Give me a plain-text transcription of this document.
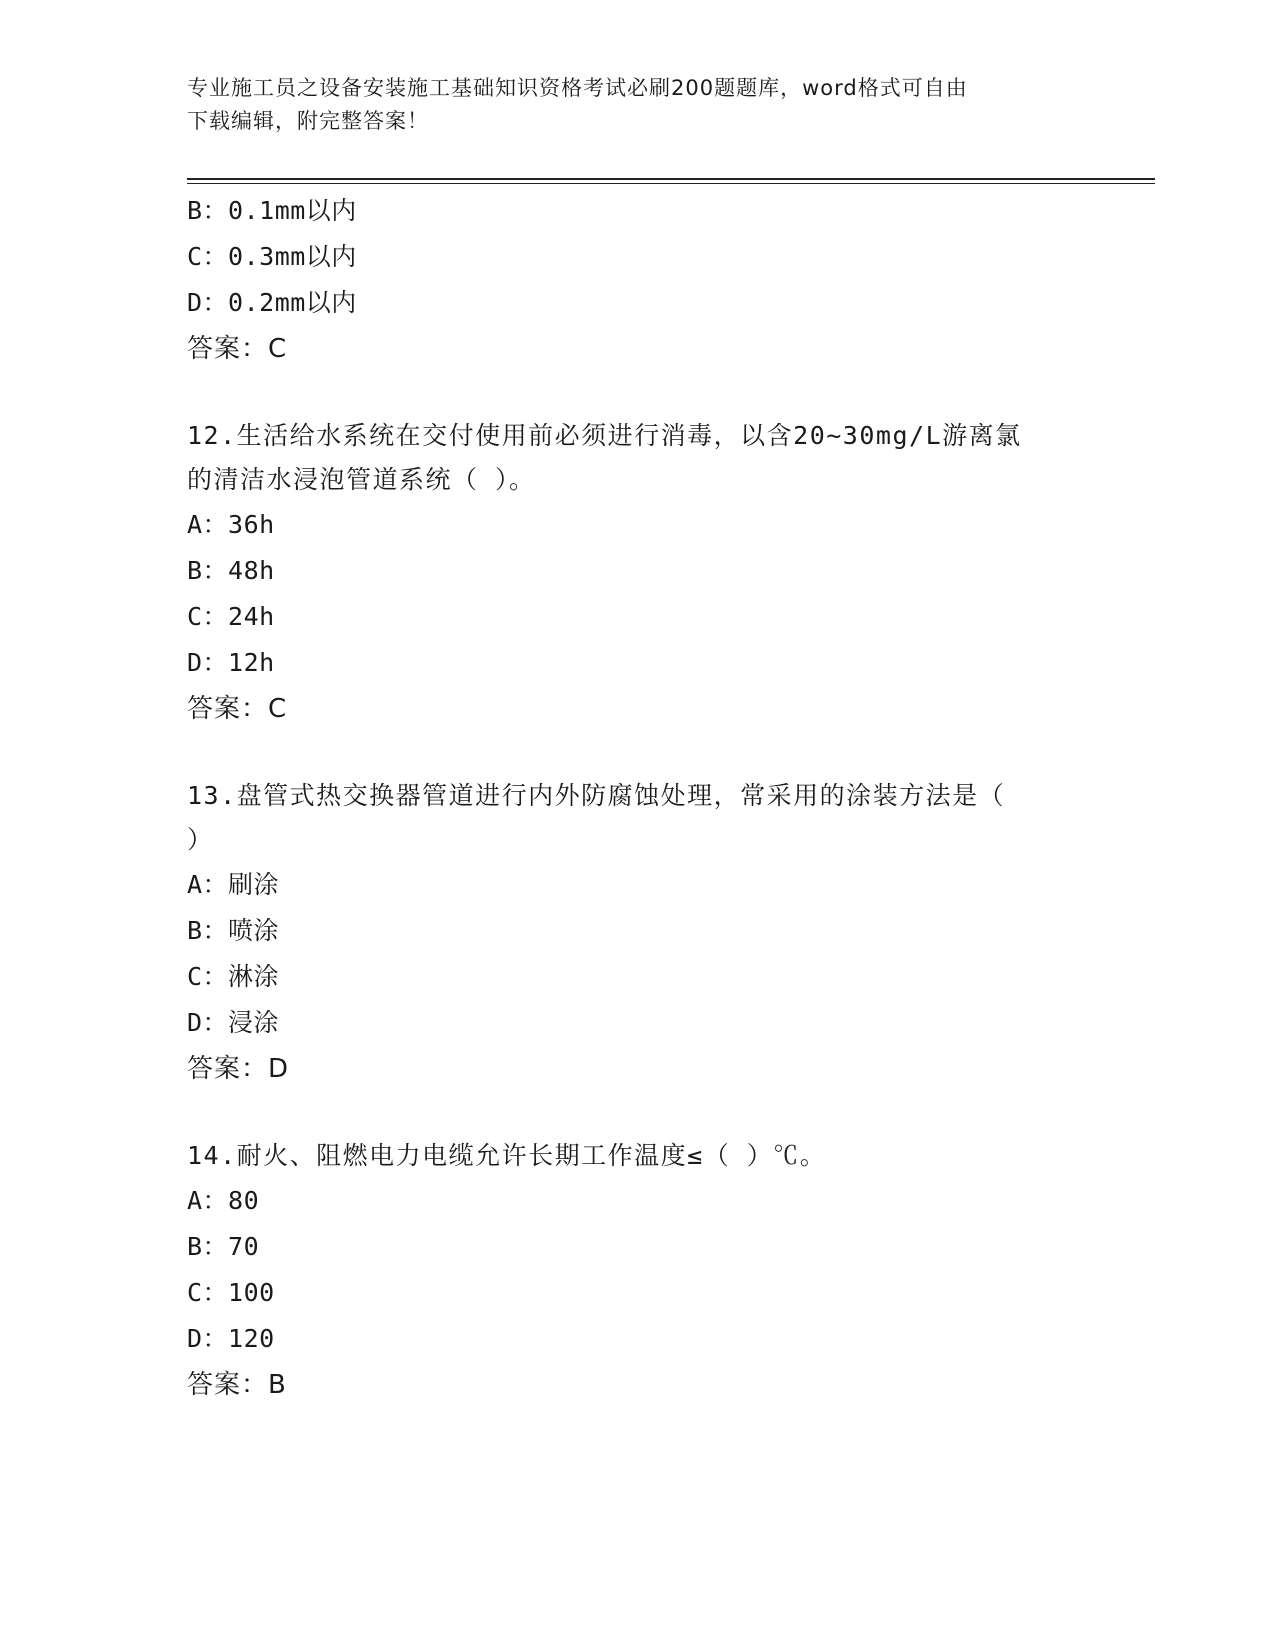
专业施工员之设备安装施工基础知识资格考试必刷200题题库，word格式可自由
下载编辑，附完整答案！
B：0.1mm以内
C：0.3mm以内
D：0.2mm以内
答案：C
12.生活给水系统在交付使用前必须进行消毒，以含20~30mg/L游离氯
的清洁水浸泡管道系统（ ）。
A：36h
B：48h
C：24h
D：12h
答案：C
13.盘管式热交换器管道进行内外防腐蚀处理，常采用的涂装方法是（
）
A：刷涂
B：喷涂
C：淋涂
D：浸涂
答案：D
14.耐火、阻燃电力电缆允许长期工作温度≤（ ）℃。
A：80
B：70
C：100
D：120
答案：B
